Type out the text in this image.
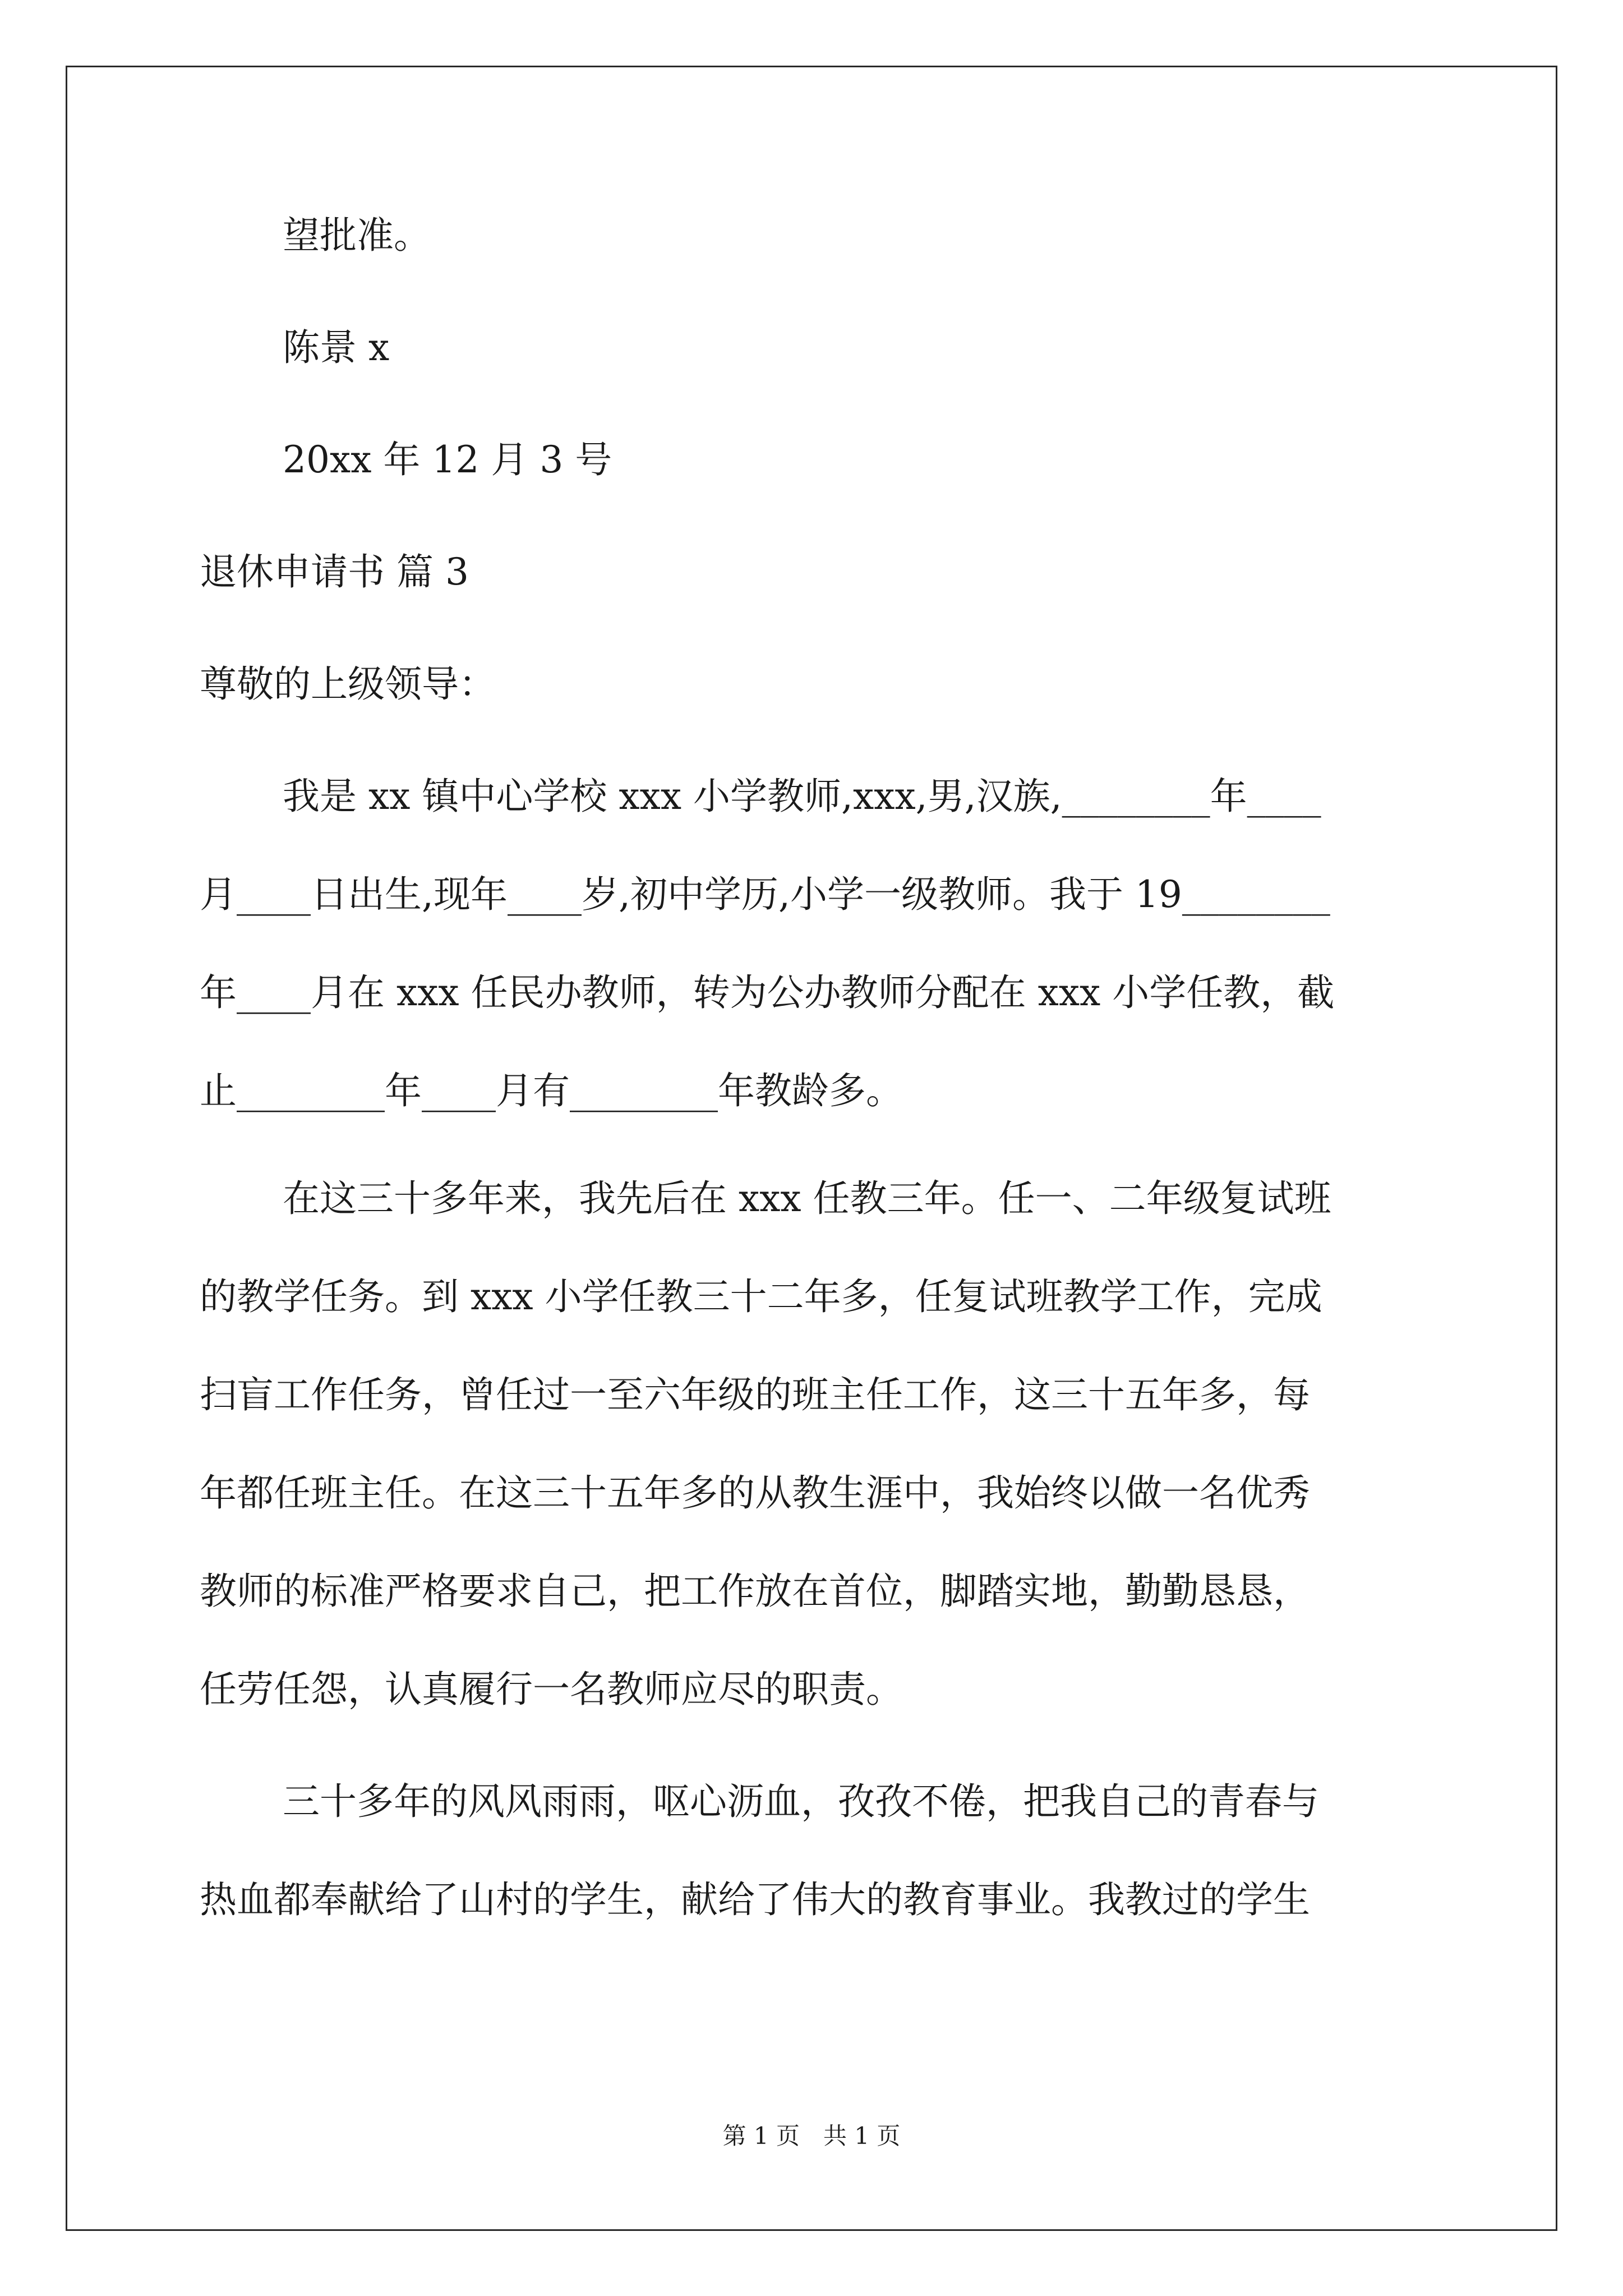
望批准。
陈景 x
20xx 年 12 月 3 号
退休申请书 篇 3
尊敬的上级领导：
我是 xx 镇中心学校 xxx 小学教师,xxx,男,汉族,________年____
月____日出生,现年____岁,初中学历,小学一级教师。我于 19________
年____月在 xxx 任民办教师，转为公办教师分配在 xxx 小学任教，截
止________年____月有________年教龄多。
在这三十多年来，我先后在 xxx 任教三年。任一、二年级复试班
的教学任务。到 xxx 小学任教三十二年多，任复试班教学工作，完成
扫盲工作任务，曾任过一至六年级的班主任工作，这三十五年多，每
年都任班主任。在这三十五年多的从教生涯中，我始终以做一名优秀
教师的标准严格要求自己，把工作放在首位，脚踏实地，勤勤恳恳，
任劳任怨，认真履行一名教师应尽的职责。
三十多年的风风雨雨，呕心沥血，孜孜不倦，把我自己的青春与
热血都奉献给了山村的学生，献给了伟大的教育事业。我教过的学生
第 1 页　共 1 页
